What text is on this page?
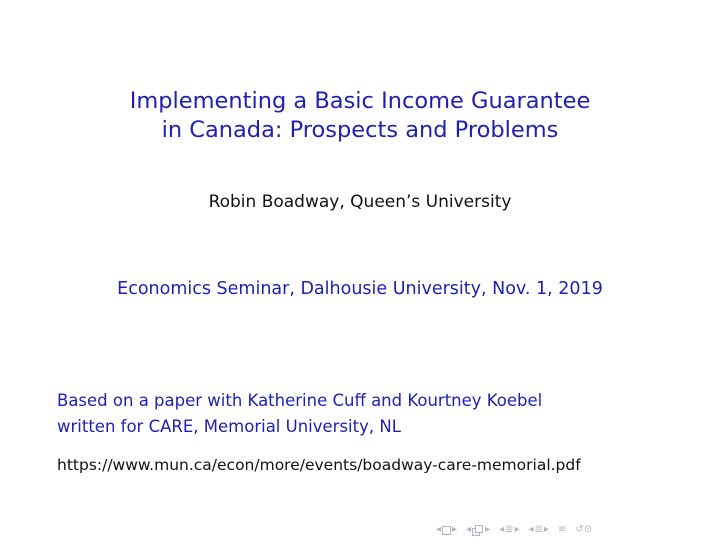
Implementing a Basic Income Guarantee
in Canada: Prospects and Problems
Robin Boadway, Queen’s University
Economics Seminar, Dalhousie University, Nov. 1, 2019
Based on a paper with Katherine Cuff and Kourtney Koebel
written for CARE, Memorial University, NL
https://www.mun.ca/econ/more/events/boadway-care-memorial.pdf
◂ ▸ ◂ ▸ ◂ ≣ ▸ ◂ ≣ ▸ ≡ ↺⊙
